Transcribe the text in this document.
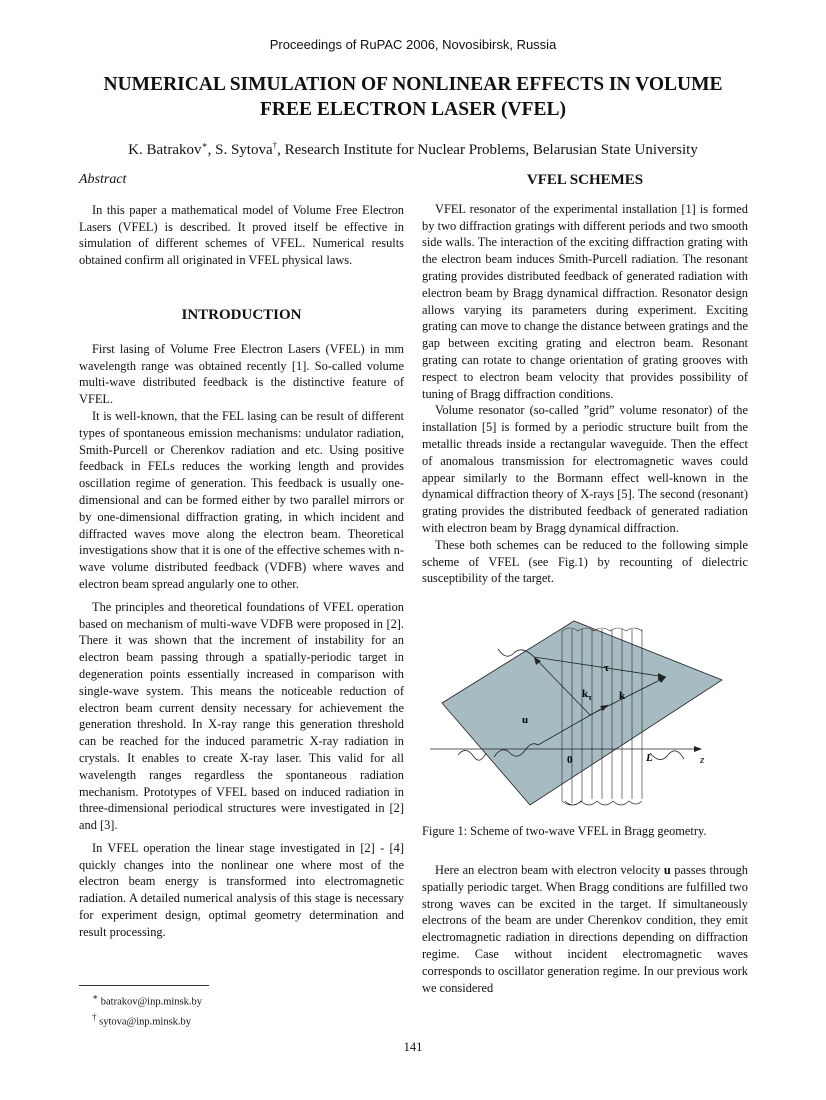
Proceedings of RuPAC 2006, Novosibirsk, Russia
NUMERICAL SIMULATION OF NONLINEAR EFFECTS IN VOLUME
FREE ELECTRON LASER (VFEL)
K. Batrakov∗, S. Sytova†, Research Institute for Nuclear Problems, Belarusian State University
Abstract

In this paper a mathematical model of Volume Free Electron Lasers (VFEL) is described. It proved itself be effective in simulation of different schemes of VFEL. Numerical results obtained confirm all originated in VFEL physical laws.

INTRODUCTION

First lasing of Volume Free Electron Lasers (VFEL) in mm wavelength range was obtained recently [1]. So-called volume multi-wave distributed feedback is the distinctive feature of VFEL.

It is well-known, that the FEL lasing can be result of different types of spontaneous emission mechanisms: undulator radiation, Smith-Purcell or Cherenkov radiation and etc. Using positive feedback in FELs reduces the working length and provides oscillation regime of generation. This feedback is usually one-dimensional and can be formed either by two parallel mirrors or by one-dimensional diffraction grating, in which incident and diffracted waves move along the electron beam. Theoretical investigations show that it is one of the effective schemes with n-wave volume distributed feedback (VDFB) where waves and electron beam spread angularly one to other.

The principles and theoretical foundations of VFEL operation based on mechanism of multi-wave VDFB were proposed in [2]. There it was shown that the increment of instability for an electron beam passing through a spatially-periodic target in degeneration points essentially increased in comparison with single-wave system. This means the noticeable reduction of electron beam current density necessary for achievement the generation threshold. In X-ray range this generation threshold can be reached for the induced parametric X-ray radiation in crystals. It enables to create X-ray laser. This valid for all wavelength ranges regardless the spontaneous radiation mechanism. Prototypes of VFEL based on induced radiation in three-dimensional periodical structures were investigated in [2] and [3].

In VFEL operation the linear stage investigated in [2] - [4] quickly changes into the nonlinear one where most of the electron beam energy is transformed into electromagnetic radiation. A detailed numerical analysis of this stage is necessary for experiment design, optimal geometry determination and result processing.

VFEL SCHEMES

VFEL resonator of the experimental installation [1] is formed by two diffraction gratings with different periods and two smooth side walls. The interaction of the exciting diffraction grating with the electron beam induces Smith-Purcell radiation. The resonant grating provides distributed feedback of generated radiation with electron beam by Bragg dynamical diffraction. Resonator design allows varying its parameters during experiment. Exciting grating can move to change the distance between gratings and the gap between exciting grating and electron beam. Resonant grating can rotate to change orientation of grating grooves with respect to electron beam velocity that provides possibility of tuning of Bragg diffraction conditions.

Volume resonator (so-called ”grid” volume resonator) of the installation [5] is formed by a periodic structure built from the metallic threads inside a rectangular waveguide. Then the effect of anomalous transmission for electromagnetic waves could appear similarly to the Bormann effect well-known in the dynamical diffraction theory of X-rays [5]. The second (resonant) grating provides the distributed feedback of generated radiation with electron beam by Bragg dynamical diffraction.

These both schemes can be reduced to the following simple scheme of VFEL (see Fig.1) by recounting of dielectric susceptibility of the target.

τ
$k_\tau$ k
u
0	L	z
Figure 1: Scheme of two-wave VFEL in Bragg geometry.

Here an electron beam with electron velocity u passes through spatially periodic target. When Bragg conditions are fulfilled two strong waves can be excited in the target. If simultaneously electrons of the beam are under Cherenkov condition, they emit electromagnetic radiation in directions depending on diffraction regime. Case without incident electromagnetic waves corresponds to oscillator generation regime. In our previous work we considered

∗ batrakov@inp.minsk.by
† sytova@inp.minsk.by
141
